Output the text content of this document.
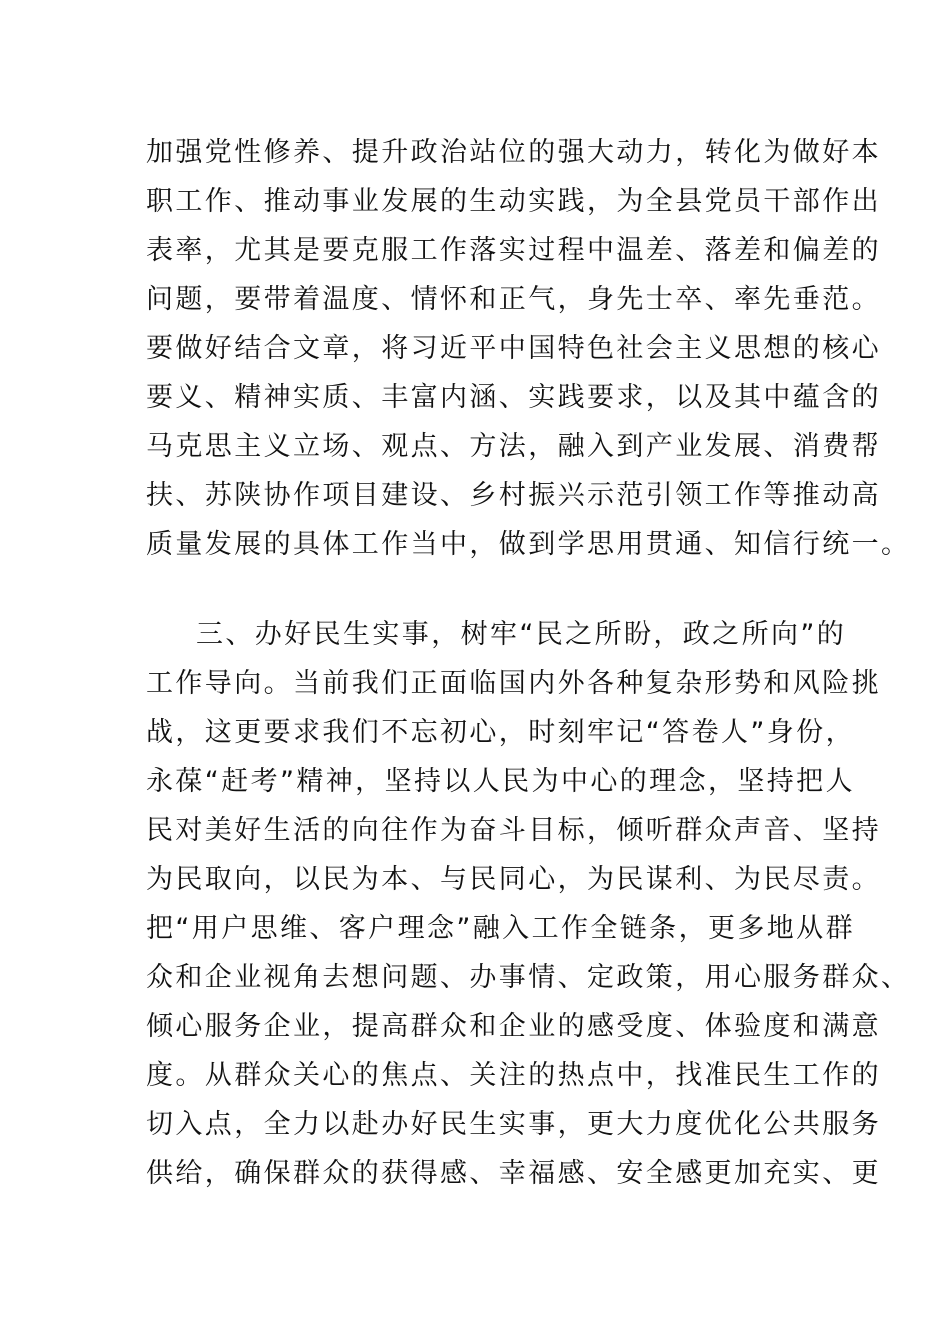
加强党性修养、提升政治站位的强大动力，转化为做好本
职工作、推动事业发展的生动实践，为全县党员干部作出
表率，尤其是要克服工作落实过程中温差、落差和偏差的
问题，要带着温度、情怀和正气，身先士卒、率先垂范。
要做好结合文章，将习近平中国特色社会主义思想的核心
要义、精神实质、丰富内涵、实践要求，以及其中蕴含的
马克思主义立场、观点、方法，融入到产业发展、消费帮
扶、苏陕协作项目建设、乡村振兴示范引领工作等推动高
质量发展的具体工作当中，做到学思用贯通、知信行统一。
三、办好民生实事，树牢“民之所盼，政之所向”的
工作导向。当前我们正面临国内外各种复杂形势和风险挑
战，这更要求我们不忘初心，时刻牢记“答卷人”身份，
永葆“赶考”精神，坚持以人民为中心的理念，坚持把人
民对美好生活的向往作为奋斗目标，倾听群众声音、坚持
为民取向，以民为本、与民同心，为民谋利、为民尽责。
把“用户思维、客户理念”融入工作全链条，更多地从群
众和企业视角去想问题、办事情、定政策，用心服务群众、
倾心服务企业，提高群众和企业的感受度、体验度和满意
度。从群众关心的焦点、关注的热点中，找准民生工作的
切入点，全力以赴办好民生实事，更大力度优化公共服务
供给，确保群众的获得感、幸福感、安全感更加充实、更
